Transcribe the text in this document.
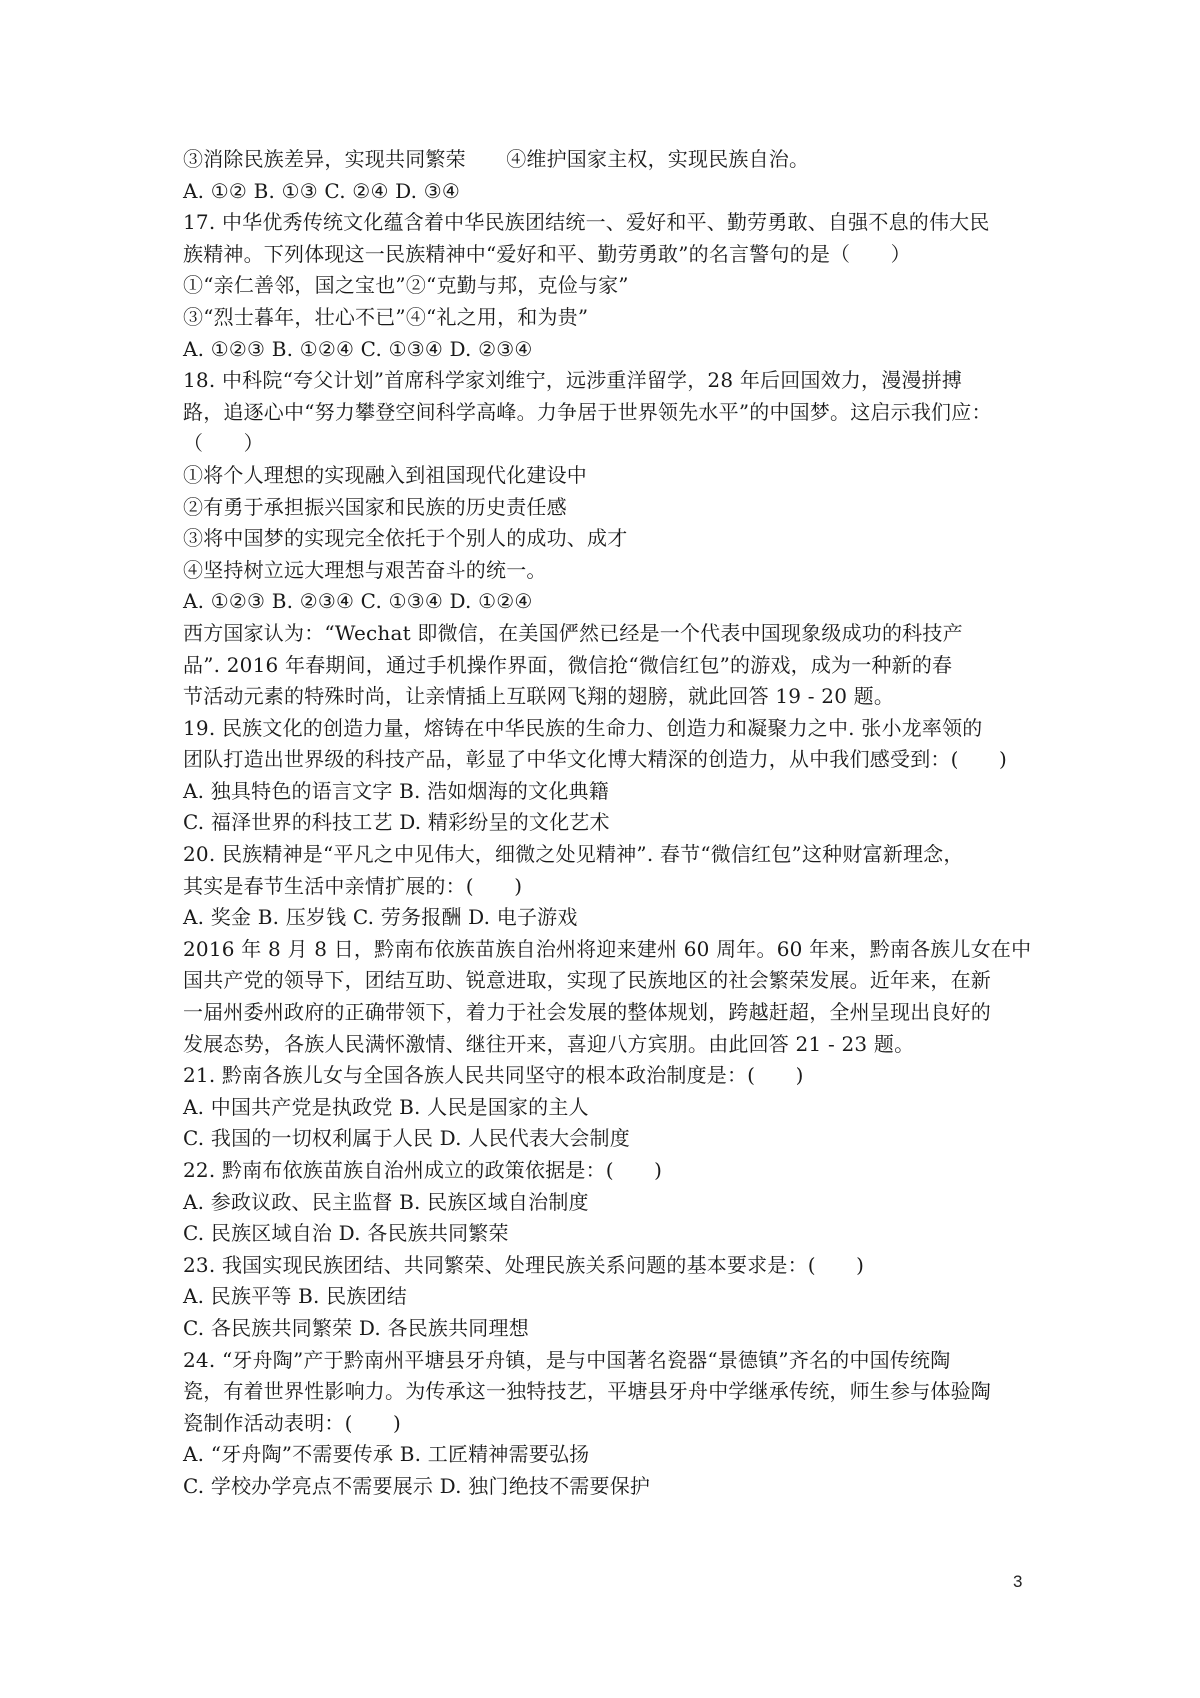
③消除民族差异，实现共同繁荣　　④维护国家主权，实现民族自治。
A. ①② B. ①③ C. ②④ D. ③④
17. 中华优秀传统文化蕴含着中华民族团结统一、爱好和平、勤劳勇敢、自强不息的伟大民
族精神。下列体现这一民族精神中“爱好和平、勤劳勇敢”的名言警句的是（　　）
①“亲仁善邻，国之宝也”②“克勤与邦，克俭与家”
③“烈士暮年，壮心不已”④“礼之用，和为贵”
A. ①②③ B. ①②④ C. ①③④ D. ②③④
18. 中科院“夸父计划”首席科学家刘维宁，远涉重洋留学，28 年后回国效力，漫漫拼搏
路，追逐心中“努力攀登空间科学高峰。力争居于世界领先水平”的中国梦。这启示我们应：
（　　）
①将个人理想的实现融入到祖国现代化建设中
②有勇于承担振兴国家和民族的历史责任感
③将中国梦的实现完全依托于个别人的成功、成才
④坚持树立远大理想与艰苦奋斗的统一。
A. ①②③ B. ②③④ C. ①③④ D. ①②④
西方国家认为：“Wechat 即微信，在美国俨然已经是一个代表中国现象级成功的科技产
品”. 2016 年春期间，通过手机操作界面，微信抢“微信红包”的游戏，成为一种新的春
节活动元素的特殊时尚，让亲情插上互联网飞翔的翅膀，就此回答 19 - 20 题。
19. 民族文化的创造力量，熔铸在中华民族的生命力、创造力和凝聚力之中. 张小龙率领的
团队打造出世界级的科技产品，彰显了中华文化博大精深的创造力，从中我们感受到：(　　)
A. 独具特色的语言文字 B. 浩如烟海的文化典籍
C. 福泽世界的科技工艺 D. 精彩纷呈的文化艺术
20. 民族精神是“平凡之中见伟大，细微之处见精神”. 春节“微信红包”这种财富新理念，
其实是春节生活中亲情扩展的：(　　)
A. 奖金 B. 压岁钱 C. 劳务报酬 D. 电子游戏
2016 年 8 月 8 日，黔南布依族苗族自治州将迎来建州 60 周年。60 年来，黔南各族儿女在中
国共产党的领导下，团结互助、锐意进取，实现了民族地区的社会繁荣发展。近年来，在新
一届州委州政府的正确带领下，着力于社会发展的整体规划，跨越赶超，全州呈现出良好的
发展态势，各族人民满怀激情、继往开来，喜迎八方宾朋。由此回答 21 - 23 题。
21. 黔南各族儿女与全国各族人民共同坚守的根本政治制度是：(　　)
A. 中国共产党是执政党 B. 人民是国家的主人
C. 我国的一切权利属于人民 D. 人民代表大会制度
22. 黔南布依族苗族自治州成立的政策依据是：(　　)
A. 参政议政、民主监督 B. 民族区域自治制度
C. 民族区域自治 D. 各民族共同繁荣
23. 我国实现民族团结、共同繁荣、处理民族关系问题的基本要求是：(　　)
A. 民族平等 B. 民族团结
C. 各民族共同繁荣 D. 各民族共同理想
24. “牙舟陶”产于黔南州平塘县牙舟镇，是与中国著名瓷器“景德镇”齐名的中国传统陶
瓷，有着世界性影响力。为传承这一独特技艺，平塘县牙舟中学继承传统，师生参与体验陶
瓷制作活动表明：(　　)
A. “牙舟陶”不需要传承 B. 工匠精神需要弘扬
C. 学校办学亮点不需要展示 D. 独门绝技不需要保护
3
